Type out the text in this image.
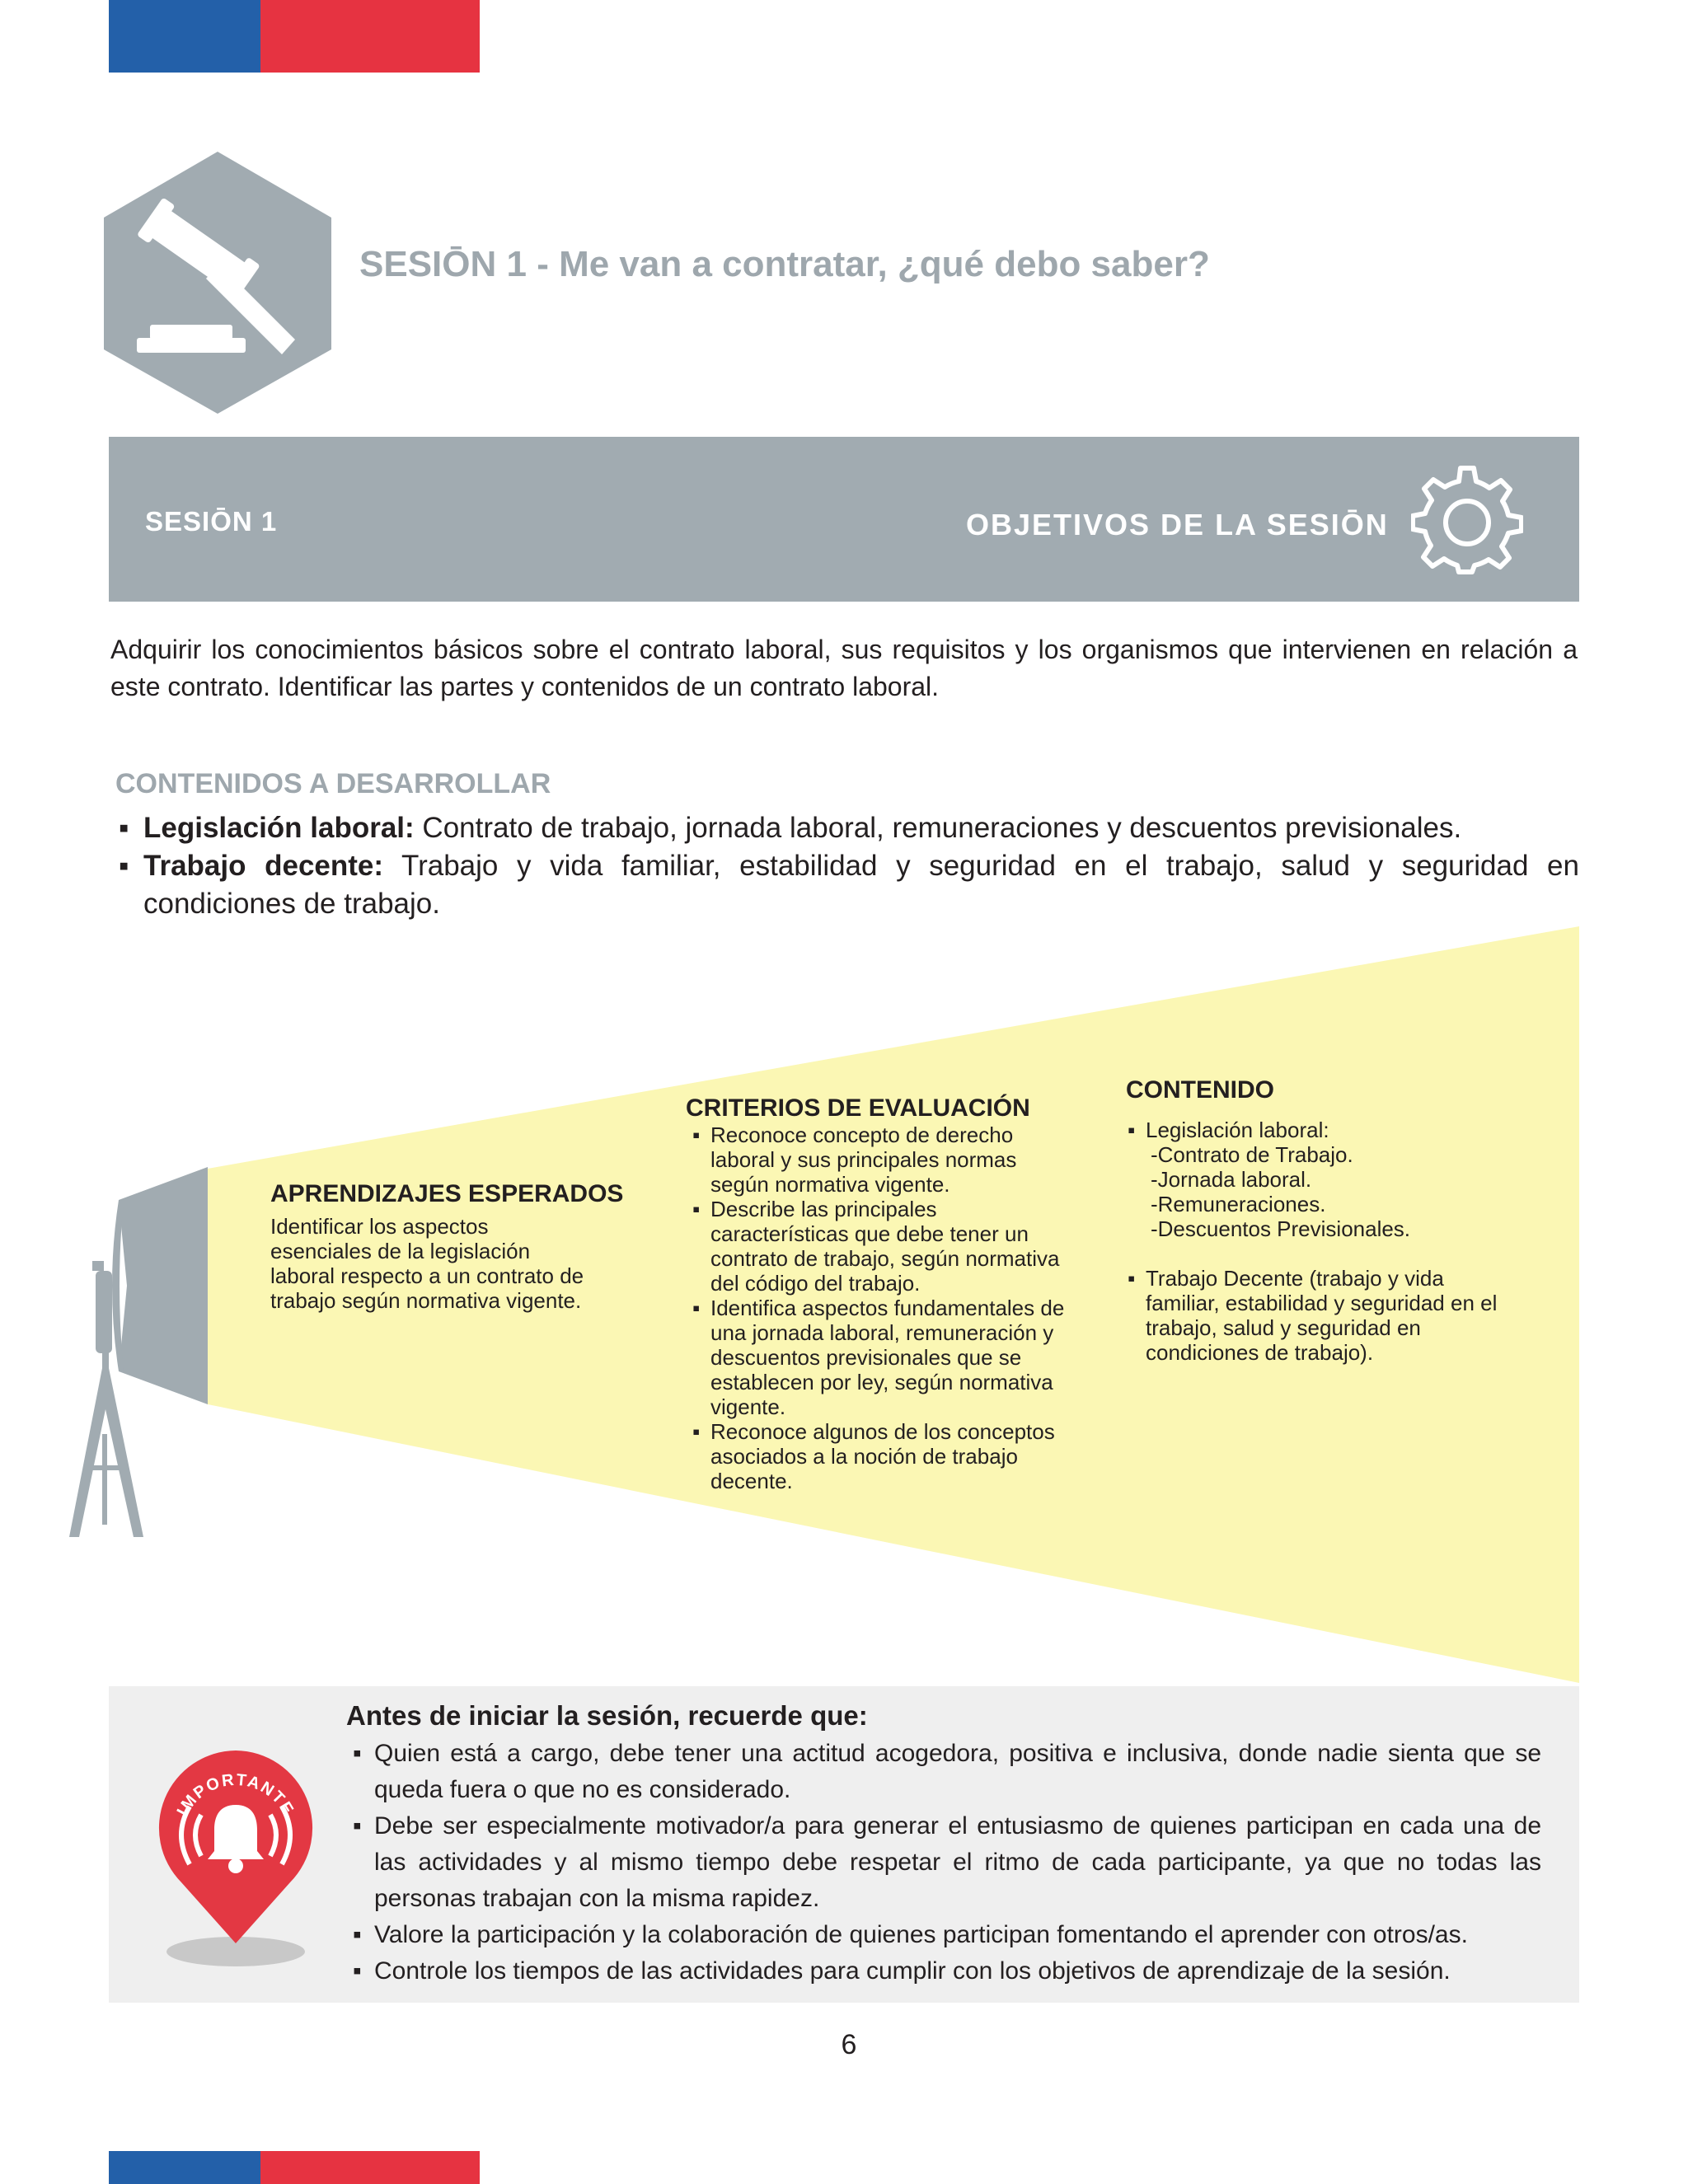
SESIŌN 1 - Me van a contratar, ¿qué debo saber?
SESIŌN 1	OBJETIVOS DE LA SESIŌN
Adquirir los conocimientos básicos sobre el contrato laboral, sus requisitos y los organismos que intervienen en relación a este contrato. Identificar las partes y contenidos de un contrato laboral.
CONTENIDOS A DESARROLLAR
▪ Legislación laboral: Contrato de trabajo, jornada laboral, remuneraciones y descuentos previsionales.
▪ Trabajo decente: Trabajo y vida familiar, estabilidad y seguridad en el trabajo, salud y seguridad en condiciones de trabajo.
APRENDIZAJES ESPERADOS
Identificar los aspectos
esenciales de la legislación
laboral respecto a un contrato de
trabajo según normativa vigente.
CRITERIOS DE EVALUACIÓN
▪ Reconoce concepto de derecho
laboral y sus principales normas
según normativa vigente.
▪ Describe las principales
características que debe tener un
contrato de trabajo, según normativa
del código del trabajo.
▪ Identifica aspectos fundamentales de
una jornada laboral, remuneración y
descuentos previsionales que se
establecen por ley, según normativa
vigente.
▪ Reconoce algunos de los conceptos
asociados a la noción de trabajo
decente.
CONTENIDO
▪ Legislación laboral:
-Contrato de Trabajo.
-Jornada laboral.
-Remuneraciones.
-Descuentos Previsionales.
▪ Trabajo Decente (trabajo y vida
familiar, estabilidad y seguridad en el
trabajo, salud y seguridad en
condiciones de trabajo).
IMPORTANTE
Antes de iniciar la sesión, recuerde que:
▪ Quien está a cargo, debe tener una actitud acogedora, positiva e inclusiva, donde nadie sienta que se queda fuera o que no es considerado.
▪ Debe ser especialmente motivador/a para generar el entusiasmo de quienes participan en cada una de las actividades y al mismo tiempo debe respetar el ritmo de cada participante, ya que no todas las personas trabajan con la misma rapidez.
▪ Valore la participación y la colaboración de quienes participan fomentando el aprender con otros/as.
▪ Controle los tiempos de las actividades para cumplir con los objetivos de aprendizaje de la sesión.
6
